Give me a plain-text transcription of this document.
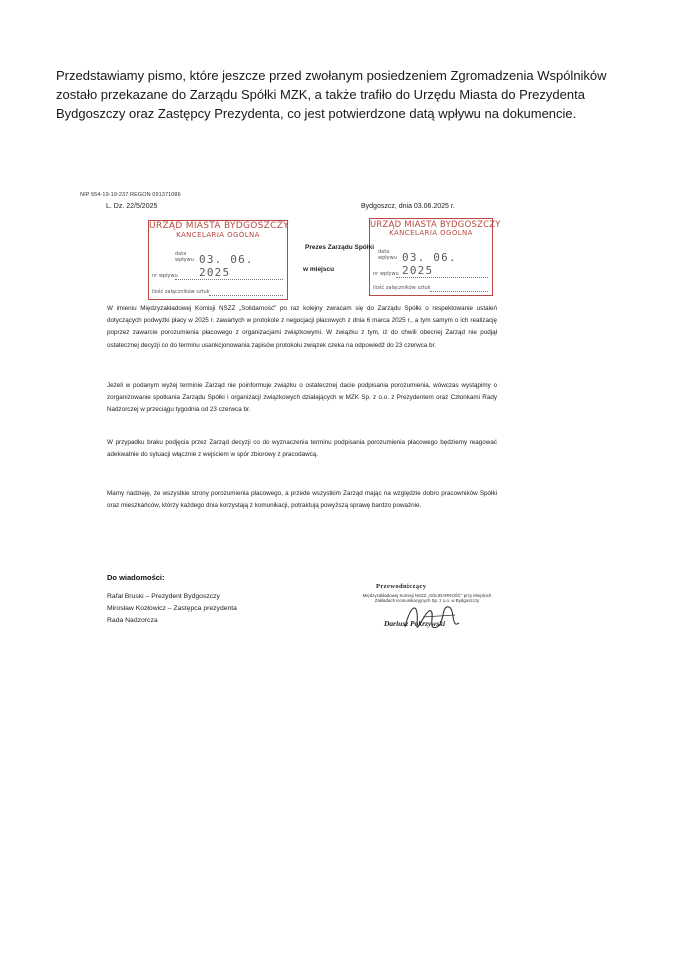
Przedstawiamy pismo, które jeszcze przed zwołanym posiedzeniem Zgromadzenia Wspólników zostało przekazane do Zarządu Spółki MZK, a także trafiło do Urzędu Miasta do Prezydenta Bydgoszczy oraz Zastępcy Prezydenta, co jest potwierdzone datą wpływu na dokumencie.

NIP 554-19-19-237 REGON 091371086
L. Dz. 22/5/2025	Bydgoszcz, dnia 03.06.2025 r.
URZĄD MIASTA BYDGOSZCZY
KANCELARIA OGÓLNA
data wpływu 03. 06. 2025
nr wpływu
ilość załączników sztuk
URZĄD MIASTA BYDGOSZCZY
KANCELARIA OGÓLNA
data wpływu 03. 06. 2025
nr wpływu
ilość załączników sztuk
Prezes Zarządu Spółki
w miejscu

W imieniu Międzyzakładowej Komisji NSZZ „Solidarność" po raz kolejny zwracam się do Zarządu Spółki o respektowanie ustaleń dotyczących podwyżki płacy w 2025 r. zawartych w protokole z negocjacji płacowych z dnia 6 marca 2025 r., a tym samym o ich realizację poprzez zawarcie porozumienia płacowego z organizacjami związkowymi. W związku z tym, iż do chwili obecnej Zarząd nie podjął ostatecznej decyzji co do terminu usankcjonowania zapisów protokołu związek czeka na odpowiedź do 23 czerwca br.

Jeżeli w podanym wyżej terminie Zarząd nie poinformuje związku o ostatecznej dacie podpisania porozumienia, wówczas wystąpimy o zorganizowanie spotkania Zarządu Spółki i organizacji związkowych działających w MZK Sp. z o.o. z Prezydentem oraz Członkami Rady Nadzorczej w przeciągu tygodnia od 23 czerwca br.

W przypadku braku podjęcia przez Zarząd decyzji co do wyznaczenia terminu podpisania porozumienia płacowego będziemy reagować adekwatnie do sytuacji włącznie z wejściem w spór zbiorowy z pracodawcą.

Mamy nadzieję, że wszystkie strony porozumienia płacowego, a przede wszystkim Zarząd mając na względzie dobro pracowników Spółki oraz mieszkańców, którzy każdego dnia korzystają z komunikacji, potraktują powyższą sprawę bardzo poważnie.

Do wiadomości:
Rafał Bruski – Prezydent Bydgoszczy
Mirosław Kozłowicz – Zastępca prezydenta
Rada Nadzorcza
Przewodniczący
Międzyzakładowej Komisji NSZZ „SOLIDARNOŚĆ" przy Miejskich Zakładach Komunikacyjnych Sp. z o.o. w Bydgoszczy
Dariusz Pokrzywski
